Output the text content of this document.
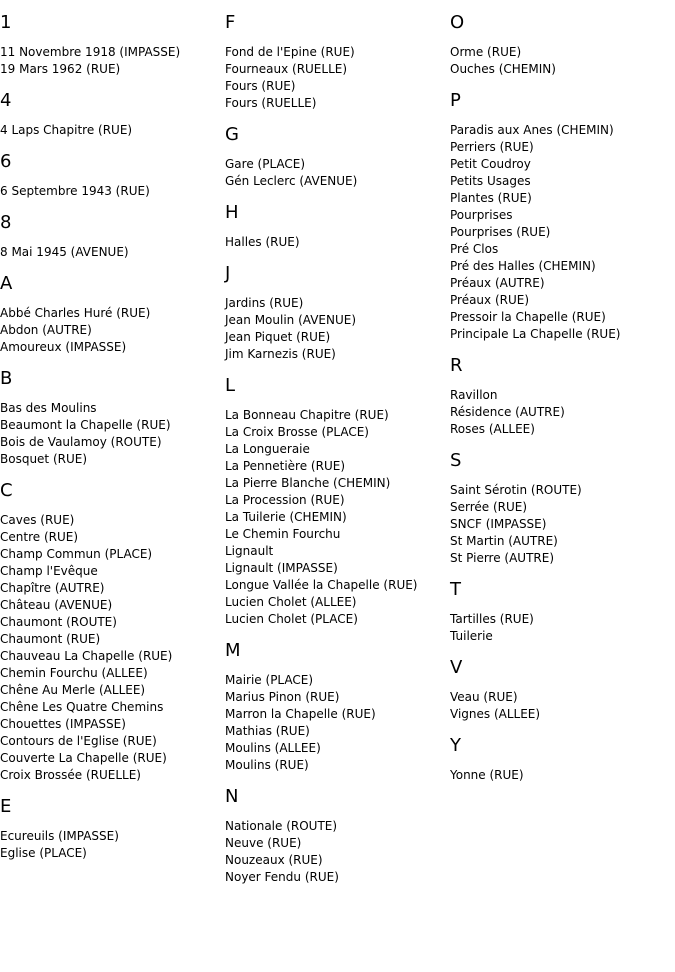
1
11 Novembre 1918 (IMPASSE)
19 Mars 1962 (RUE)
4
4 Laps Chapitre (RUE)
6
6 Septembre 1943 (RUE)
8
8 Mai 1945 (AVENUE)
A
Abbé Charles Huré (RUE)
Abdon (AUTRE)
Amoureux (IMPASSE)
B
Bas des Moulins
Beaumont la Chapelle (RUE)
Bois de Vaulamoy (ROUTE)
Bosquet (RUE)
C
Caves (RUE)
Centre (RUE)
Champ Commun (PLACE)
Champ l'Evêque
Chapître (AUTRE)
Château (AVENUE)
Chaumont (ROUTE)
Chaumont (RUE)
Chauveau La Chapelle (RUE)
Chemin Fourchu (ALLEE)
Chêne Au Merle (ALLEE)
Chêne Les Quatre Chemins
Chouettes (IMPASSE)
Contours de l'Eglise (RUE)
Couverte La Chapelle (RUE)
Croix Brossée (RUELLE)
E
Ecureuils (IMPASSE)
Eglise (PLACE)
F
Fond de l'Epine (RUE)
Fourneaux (RUELLE)
Fours (RUE)
Fours (RUELLE)
G
Gare (PLACE)
Gén Leclerc (AVENUE)
H
Halles (RUE)
J
Jardins (RUE)
Jean Moulin (AVENUE)
Jean Piquet (RUE)
Jim Karnezis (RUE)
L
La Bonneau Chapitre (RUE)
La Croix Brosse (PLACE)
La Longueraie
La Pennetière (RUE)
La Pierre Blanche (CHEMIN)
La Procession (RUE)
La Tuilerie (CHEMIN)
Le Chemin Fourchu
Lignault
Lignault (IMPASSE)
Longue Vallée la Chapelle (RUE)
Lucien Cholet (ALLEE)
Lucien Cholet (PLACE)
M
Mairie (PLACE)
Marius Pinon (RUE)
Marron la Chapelle (RUE)
Mathias (RUE)
Moulins (ALLEE)
Moulins (RUE)
N
Nationale (ROUTE)
Neuve (RUE)
Nouzeaux (RUE)
Noyer Fendu (RUE)
O
Orme (RUE)
Ouches (CHEMIN)
P
Paradis aux Anes (CHEMIN)
Perriers (RUE)
Petit Coudroy
Petits Usages
Plantes (RUE)
Pourprises
Pourprises (RUE)
Pré Clos
Pré des Halles (CHEMIN)
Préaux (AUTRE)
Préaux (RUE)
Pressoir la Chapelle (RUE)
Principale La Chapelle (RUE)
R
Ravillon
Résidence (AUTRE)
Roses (ALLEE)
S
Saint Sérotin (ROUTE)
Serrée (RUE)
SNCF (IMPASSE)
St Martin (AUTRE)
St Pierre (AUTRE)
T
Tartilles (RUE)
Tuilerie
V
Veau (RUE)
Vignes (ALLEE)
Y
Yonne (RUE)
